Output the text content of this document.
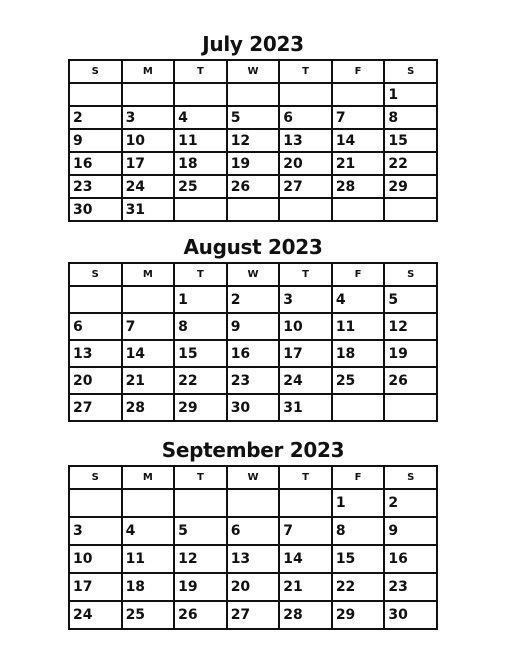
July 2023
S	M	T	W	T	F	S
						1
2	3	4	5	6	7	8
9	10	11	12	13	14	15
16	17	18	19	20	21	22
23	24	25	26	27	28	29
30	31					
August 2023
S	M	T	W	T	F	S
		1	2	3	4	5
6	7	8	9	10	11	12
13	14	15	16	17	18	19
20	21	22	23	24	25	26
27	28	29	30	31		
September 2023
S	M	T	W	T	F	S
					1	2
3	4	5	6	7	8	9
10	11	12	13	14	15	16
17	18	19	20	21	22	23
24	25	26	27	28	29	30
